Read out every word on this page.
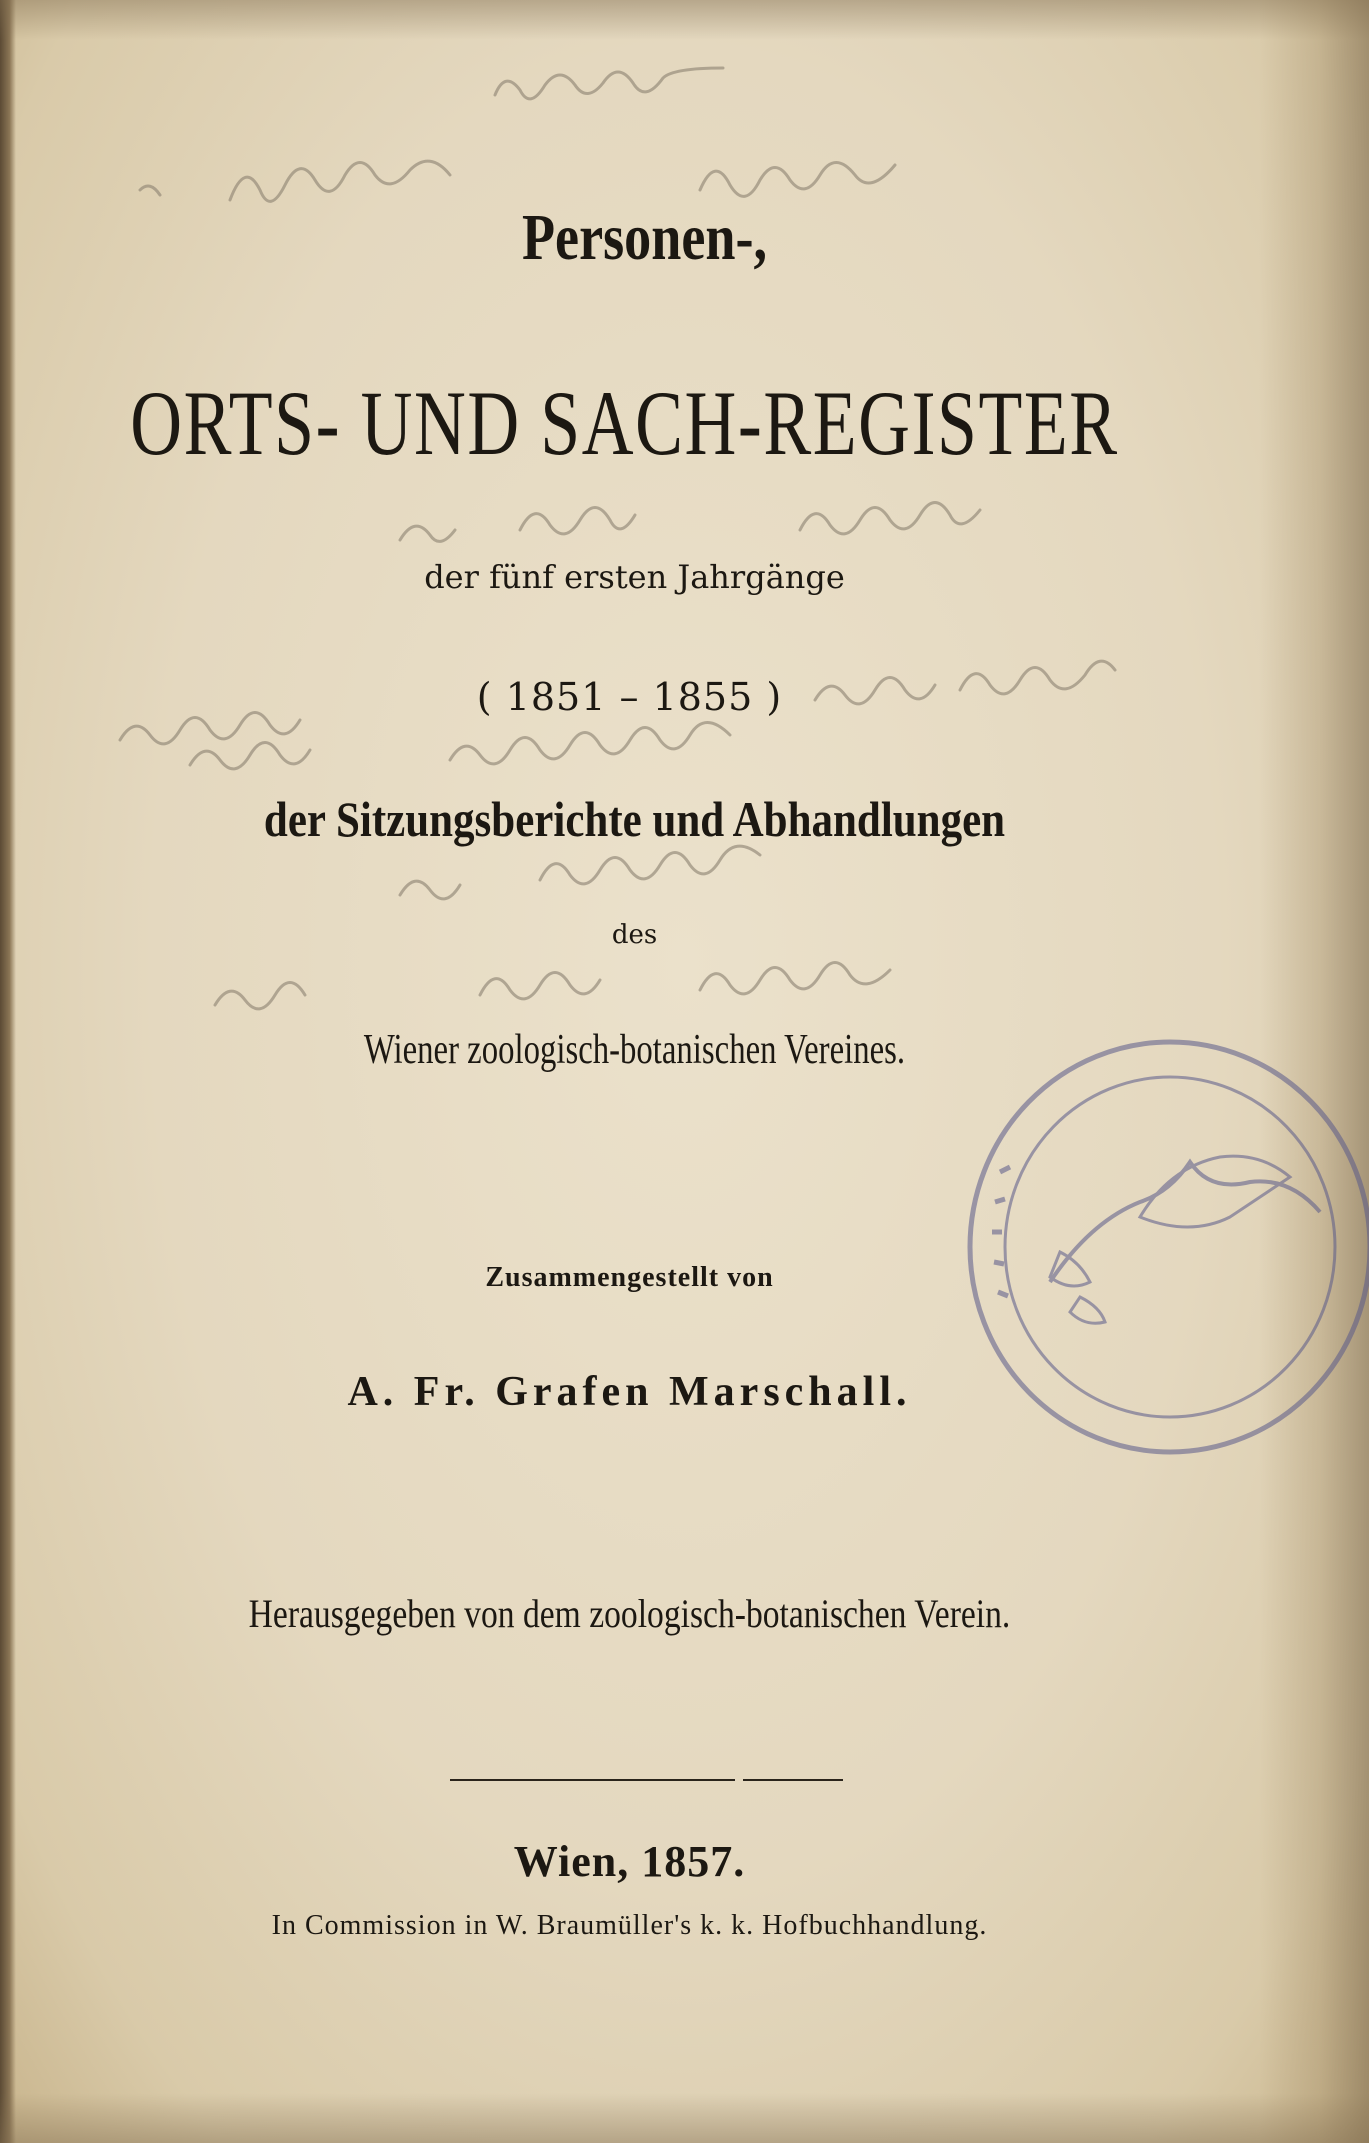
Personen-,
ORTS- UND SACH-REGISTER
der fünf ersten Jahrgänge
( 1851 – 1855 )
der Sitzungsberichte und Abhandlungen
des
Wiener zoologisch-botanischen Vereines.
Zusammengestellt von
A. Fr. Grafen Marschall.
Herausgegeben von dem zoologisch-botanischen Verein.
Wien, 1857.
In Commission in W. Braumüller's k. k. Hofbuchhandlung.
